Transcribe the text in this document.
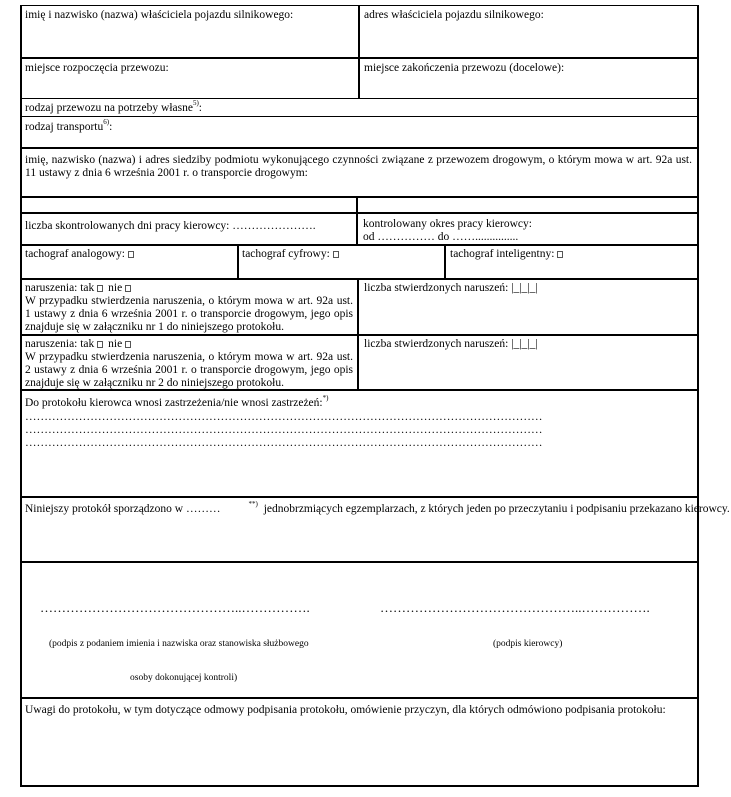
imię i nazwisko (nazwa) właściciela pojazdu silnikowego:	adres właściciela pojazdu silnikowego:
miejsce rozpoczęcia przewozu:	miejsce zakończenia przewozu (docelowe):
rodzaj przewozu na potrzeby własne$^{5)}$:
rodzaj transportu$^{6)}$:
imię, nazwisko (nazwa) i adres siedziby podmiotu wykonującego czynności związane z przewozem drogowym, o którym mowa w art. 92a ust. 11 ustawy z dnia 6 września 2001 r. o transporcie drogowym:
liczba skontrolowanych dni pracy kierowcy: ………………….	kontrolowany okres pracy kierowcy:
od …………… do ……...............
tachograf analogowy:	tachograf cyfrowy:	tachograf inteligentny:
naruszenia: tak nie
W przypadku stwierdzenia naruszenia, o którym mowa w art. 92a ust. 1 ustawy z dnia 6 września 2001 r. o transporcie drogowym, jego opis znajduje się w załączniku nr 1 do niniejszego protokołu.
liczba stwierdzonych naruszeń: |_|_|_|
naruszenia: tak nie
W przypadku stwierdzenia naruszenia, o którym mowa w art. 92a ust. 2 ustawy z dnia 6 września 2001 r. o transporcie drogowym, jego opis znajduje się w załączniku nr 2 do niniejszego protokołu.
liczba stwierdzonych naruszeń: |_|_|_|
Do protokołu kierowca wnosi zastrzeżenia/nie wnosi zastrzeżeń:*)
………………………………………………………………………………………………………………………
………………………………………………………………………………………………………………………
………………………………………………………………………………………………………………………
Niniejszy protokół sporządzono w ………	**) jednobrzmiących egzemplarzach, z których jeden po przeczytaniu i podpisaniu przekazano kierowcy.
………………………………………..…………….	………………………………………..…………….
(podpis z podaniem imienia i nazwiska oraz stanowiska służbowego
osoby dokonującej kontroli)
(podpis kierowcy)
Uwagi do protokołu, w tym dotyczące odmowy podpisania protokołu, omówienie przyczyn, dla których odmówiono podpisania protokołu:
